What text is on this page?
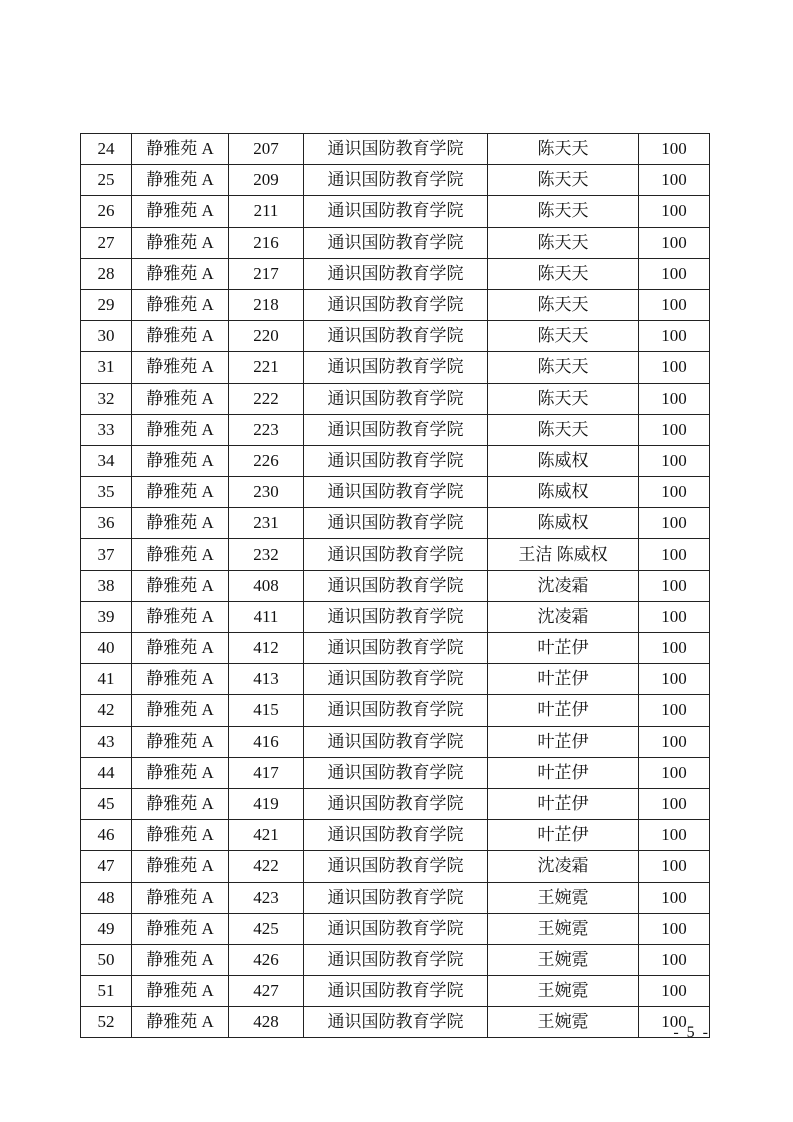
24	静雅苑 A	207	通识国防教育学院	陈天天	100
25	静雅苑 A	209	通识国防教育学院	陈天天	100
26	静雅苑 A	211	通识国防教育学院	陈天天	100
27	静雅苑 A	216	通识国防教育学院	陈天天	100
28	静雅苑 A	217	通识国防教育学院	陈天天	100
29	静雅苑 A	218	通识国防教育学院	陈天天	100
30	静雅苑 A	220	通识国防教育学院	陈天天	100
31	静雅苑 A	221	通识国防教育学院	陈天天	100
32	静雅苑 A	222	通识国防教育学院	陈天天	100
33	静雅苑 A	223	通识国防教育学院	陈天天	100
34	静雅苑 A	226	通识国防教育学院	陈威权	100
35	静雅苑 A	230	通识国防教育学院	陈威权	100
36	静雅苑 A	231	通识国防教育学院	陈威权	100
37	静雅苑 A	232	通识国防教育学院	王洁 陈威权	100
38	静雅苑 A	408	通识国防教育学院	沈凌霜	100
39	静雅苑 A	411	通识国防教育学院	沈凌霜	100
40	静雅苑 A	412	通识国防教育学院	叶芷伊	100
41	静雅苑 A	413	通识国防教育学院	叶芷伊	100
42	静雅苑 A	415	通识国防教育学院	叶芷伊	100
43	静雅苑 A	416	通识国防教育学院	叶芷伊	100
44	静雅苑 A	417	通识国防教育学院	叶芷伊	100
45	静雅苑 A	419	通识国防教育学院	叶芷伊	100
46	静雅苑 A	421	通识国防教育学院	叶芷伊	100
47	静雅苑 A	422	通识国防教育学院	沈凌霜	100
48	静雅苑 A	423	通识国防教育学院	王婉霓	100
49	静雅苑 A	425	通识国防教育学院	王婉霓	100
50	静雅苑 A	426	通识国防教育学院	王婉霓	100
51	静雅苑 A	427	通识国防教育学院	王婉霓	100
52	静雅苑 A	428	通识国防教育学院	王婉霓	100
- 5 -
